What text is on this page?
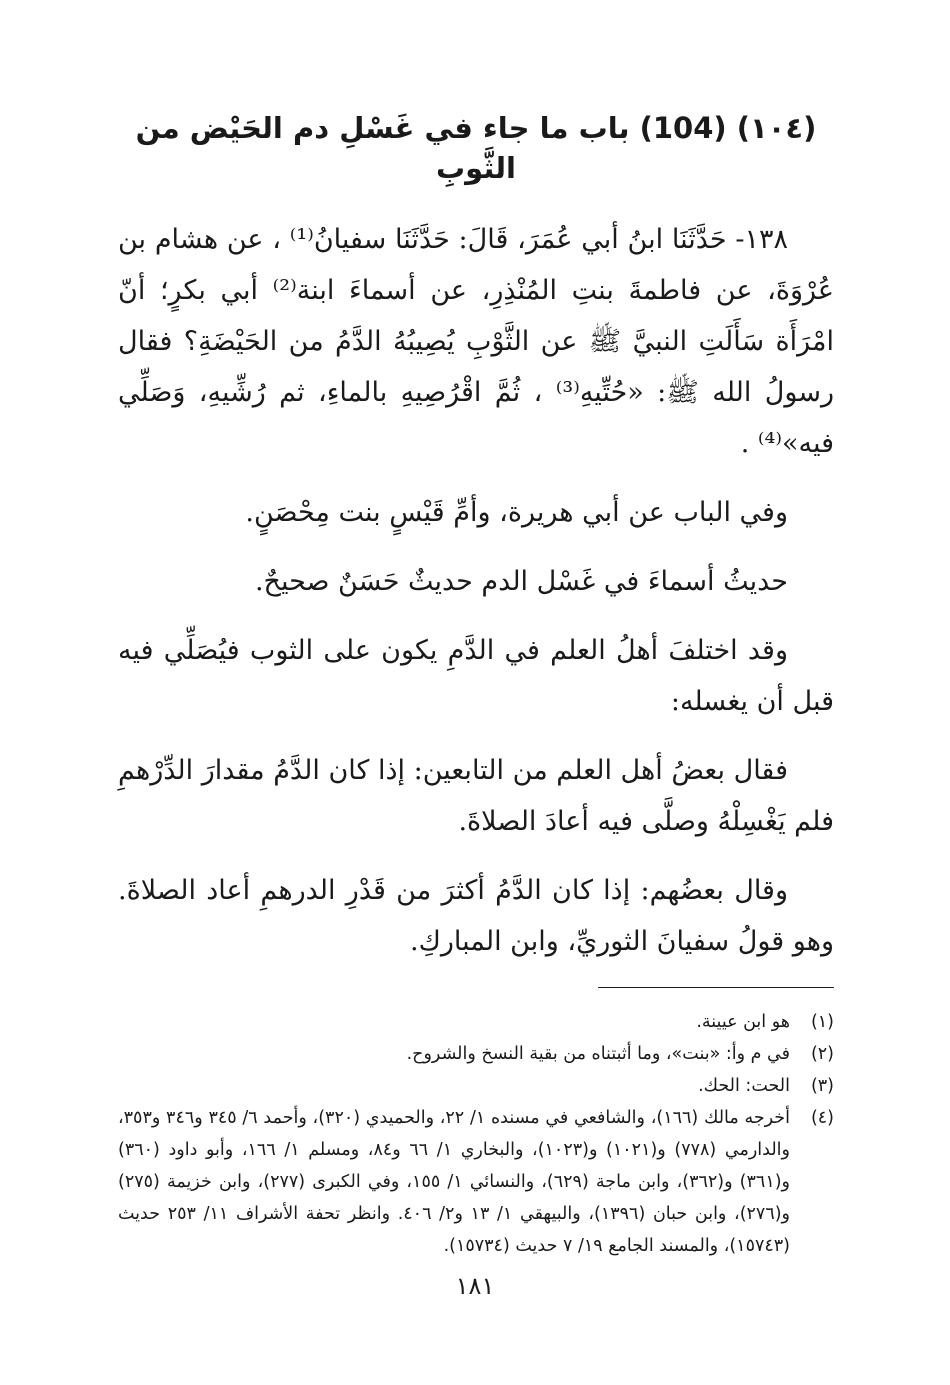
(١٠٤) (104) باب ما جاء في غَسْلِ دم الحَيْض من الثَّوبِ

١٣٨- حَدَّثَنَا ابنُ أبي عُمَرَ، قَالَ: حَدَّثَنَا سفيانُ⁽¹⁾ ، عن هشام بن عُرْوَةَ، عن فاطمةَ بنتِ المُنْذِرِ، عن أسماءَ ابنة⁽²⁾ أبي بكرٍ؛ أنّ امْرَأَة سَأَلَتِ النبيَّ ﷺ عن الثَّوْبِ يُصِيبُهُ الدَّمُ من الحَيْضَةِ؟ فقال رسولُ الله ﷺ: «حُتِّيهِ⁽³⁾ ، ثُمَّ اقْرُصِيهِ بالماءِ، ثم رُشِّيهِ، وَصَلِّي فيه»⁽⁴⁾ .

وفي الباب عن أبي هريرة، وأمِّ قَيْسٍ بنت مِحْصَنٍ.

حديثُ أسماءَ في غَسْل الدم حديثٌ حَسَنٌ صحيحٌ.

وقد اختلفَ أهلُ العلم في الدَّمِ يكون على الثوب فيُصَلِّي فيه قبل أن يغسله:

فقال بعضُ أهل العلم من التابعين: إذا كان الدَّمُ مقدارَ الدِّرْهمِ فلم يَغْسِلْهُ وصلَّى فيه أعادَ الصلاةَ.

وقال بعضُهم: إذا كان الدَّمُ أكثرَ من قَدْرِ الدرهمِ أعاد الصلاةَ. وهو قولُ سفيانَ الثوريِّ، وابن المباركِ.

(١)
هو ابن عيينة.
(٢)
في م وأ: «بنت»، وما أثبتناه من بقية النسخ والشروح.
(٣)
الحت: الحك.
(٤)
أخرجه مالك (١٦٦)، والشافعي في مسنده ١/ ٢٢، والحميدي (٣٢٠)، وأحمد ٦/ ٣٤٥ و٣٤٦ و٣٥٣، والدارمي (٧٧٨) و(١٠٢١) و(١٠٢٣)، والبخاري ١/ ٦٦ و٨٤، ومسلم ١/ ١٦٦، وأبو داود (٣٦٠) و(٣٦١) و(٣٦٢)، وابن ماجة (٦٢٩)، والنسائي ١/ ١٥٥، وفي الكبرى (٢٧٧)، وابن خزيمة (٢٧٥) و(٢٧٦)، وابن حبان (١٣٩٦)، والبيهقي ١/ ١٣ و٢/ ٤٠٦. وانظر تحفة الأشراف ١١/ ٢٥٣ حديث (١٥٧٤٣)، والمسند الجامع ١٩/ ٧ حديث (١٥٧٣٤).
١٨١
